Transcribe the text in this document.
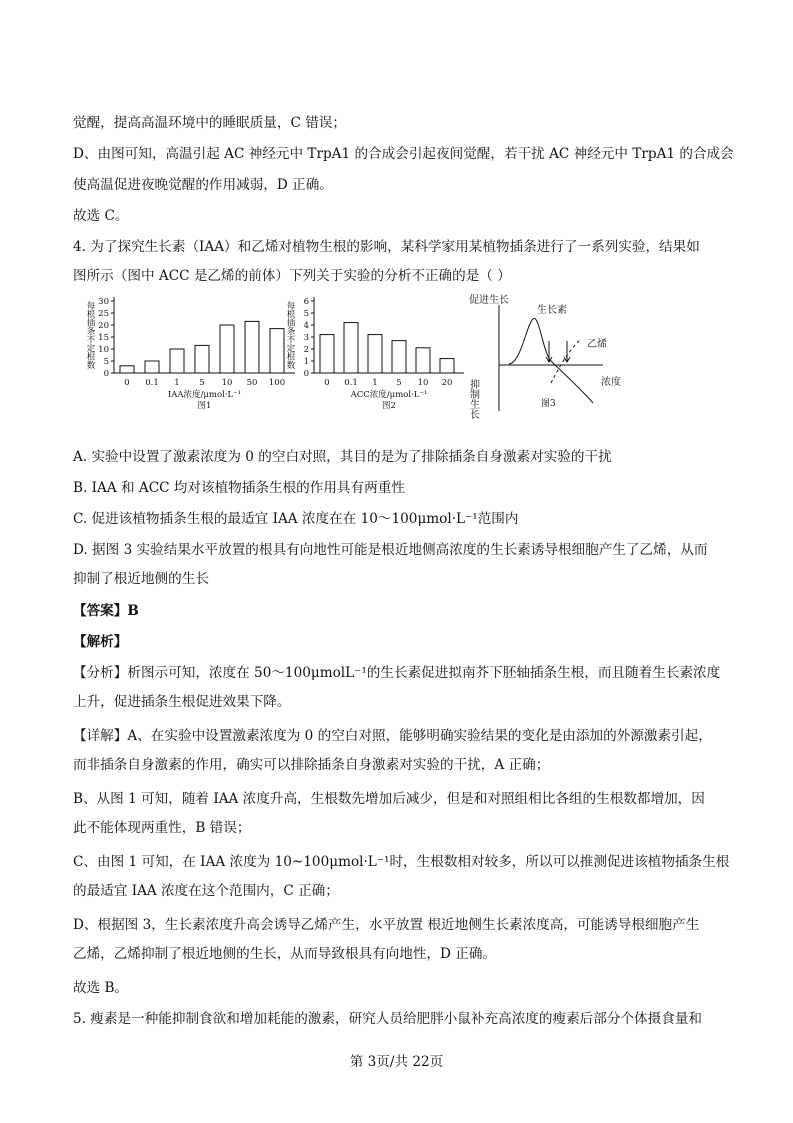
觉醒，提高高温环境中的睡眠质量，C 错误；
D、由图可知，高温引起 AC 神经元中 TrpA1 的合成会引起夜间觉醒，若干扰 AC 神经元中 TrpA1 的合成会
使高温促进夜晚觉醒的作用减弱，D 正确。
故选 C。
4. 为了探究生长素（IAA）和乙烯对植物生根的影响，某科学家用某植物插条进行了一系列实验，结果如
图所示（图中 ACC 是乙烯的前体）下列关于实验的分析不正确的是（ ）
0
5
10
15
20
25
30
0 0.1 1 5 10 50 100
每根插条不定根数
IAA浓度/μmol·L⁻¹
图1
0
1
2
3
4
5
6
0 0.1 1 5 10 20
每根插条不定根数
ACC浓度/μmol·L⁻¹
图2
促进生长
抑制生长	浓度
图3
生长素
乙烯
A. 实验中设置了激素浓度为 0 的空白对照，其目的是为了排除插条自身激素对实验的干扰
B. IAA 和 ACC 均对该植物插条生根的作用具有两重性
C. 促进该植物插条生根的最适宜 IAA 浓度在在 10～100μmol·L⁻¹范围内
D. 据图 3 实验结果水平放置的根具有向地性可能是根近地侧高浓度的生长素诱导根细胞产生了乙烯，从而
抑制了根近地侧的生长
【答案】B
【解析】
【分析】析图示可知，浓度在 50～100μmolL⁻¹的生长素促进拟南芥下胚轴插条生根，而且随着生长素浓度
上升，促进插条生根促进效果下降。
【详解】A、在实验中设置激素浓度为 0 的空白对照，能够明确实验结果的变化是由添加的外源激素引起，
而非插条自身激素的作用，确实可以排除插条自身激素对实验的干扰，A 正确；
B、从图 1 可知，随着 IAA 浓度升高，生根数先增加后减少，但是和对照组相比各组的生根数都增加，因
此不能体现两重性，B 错误；
C、由图 1 可知，在 IAA 浓度为 10~100μmol·L⁻¹时，生根数相对较多，所以可以推测促进该植物插条生根
的最适宜 IAA 浓度在这个范围内，C 正确；
D、根据图 3，生长素浓度升高会诱导乙烯产生，水平放置 根近地侧生长素浓度高，可能诱导根细胞产生
乙烯，乙烯抑制了根近地侧的生长，从而导致根具有向地性，D 正确。
故选 B。
5. 瘦素是一种能抑制食欲和增加耗能的激素，研究人员给肥胖小鼠补充高浓度的瘦素后部分个体摄食量和
第 3页/共 22页
